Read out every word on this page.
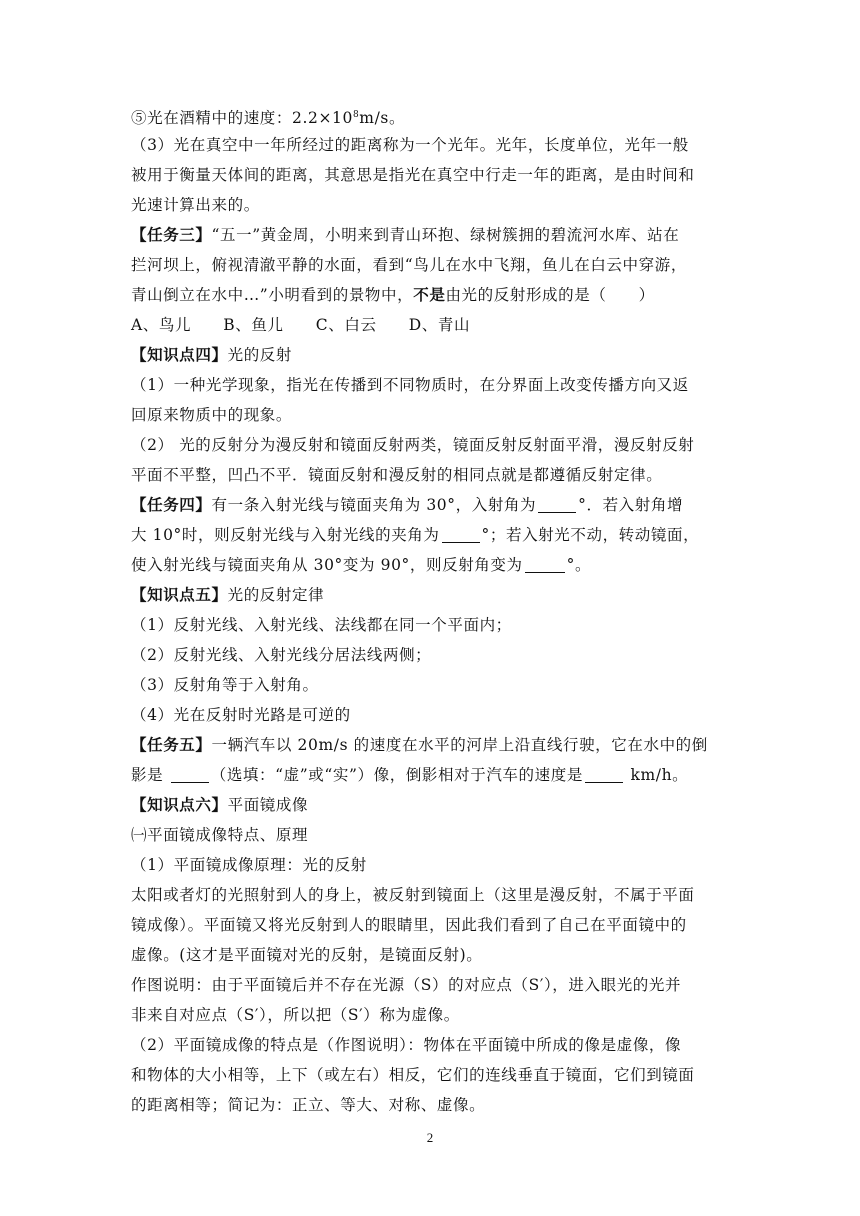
⑤光在酒精中的速度：$2.2\times 10^8m/s$。
（3）光在真空中一年所经过的距离称为一个光年。光年，长度单位，光年一般
被用于衡量天体间的距离，其意思是指光在真空中行走一年的距离，是由时间和
光速计算出来的。
【任务三】“五一”黄金周，小明来到青山环抱、绿树簇拥的碧流河水库、站在
拦河坝上，俯视清澈平静的水面，看到“鸟儿在水中飞翔，鱼儿在白云中穿游，
青山倒立在水中…”小明看到的景物中，不是由光的反射形成的是（　　）
A、鸟儿　　B、鱼儿　　C、白云　　D、青山
【知识点四】光的反射
（1）一种光学现象，指光在传播到不同物质时，在分界面上改变传播方向又返
回原来物质中的现象。
（2） 光的反射分为漫反射和镜面反射两类，镜面反射反射面平滑，漫反射反射
平面不平整，凹凸不平．镜面反射和漫反射的相同点就是都遵循反射定律。
【任务四】有一条入射光线与镜面夹角为 30°，入射角为	°．若入射角增
大 10°时，则反射光线与入射光线的夹角为	°；若入射光不动，转动镜面，
使入射光线与镜面夹角从 30°变为 90°，则反射角变为	°。
【知识点五】光的反射定律
（1）反射光线、入射光线、法线都在同一个平面内；
（2）反射光线、入射光线分居法线两侧；
（3）反射角等于入射角。
（4）光在反射时光路是可逆的
【任务五】一辆汽车以 20m/s 的速度在水平的河岸上沿直线行驶，它在水中的倒
影是	（选填：“虚”或“实”）像，倒影相对于汽车的速度是	km/h。
【知识点六】平面镜成像
㈠平面镜成像特点、原理
（1）平面镜成像原理：光的反射
太阳或者灯的光照射到人的身上，被反射到镜面上（这里是漫反射，不属于平面
镜成像）。平面镜又将光反射到人的眼睛里，因此我们看到了自己在平面镜中的
虚像。(这才是平面镜对光的反射，是镜面反射)。
作图说明：由于平面镜后并不存在光源（S）的对应点（S′），进入眼光的光并
非来自对应点（S′），所以把（S′）称为虚像。
（2）平面镜成像的特点是（作图说明）：物体在平面镜中所成的像是虚像，像
和物体的大小相等，上下（或左右）相反，它们的连线垂直于镜面，它们到镜面
的距离相等；简记为：正立、等大、对称、虚像。
2
